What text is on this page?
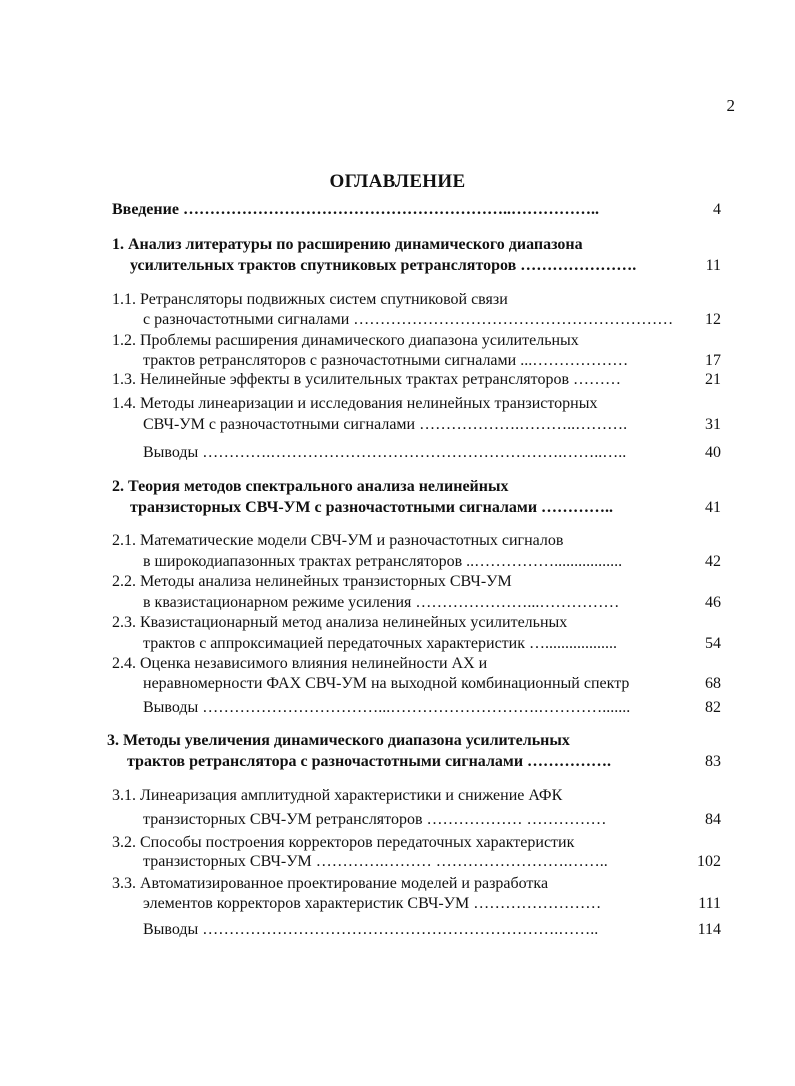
2
ОГЛАВЛЕНИЕ
Введение ……………………………………………………..……………..	4
1. Анализ литературы по расширению динамического диапазона
усилительных трактов спутниковых ретрансляторов ………………….	11
1.1. Ретрансляторы подвижных систем спутниковой связи
с разночастотными сигналами ……………………………………………………	12
1.2. Проблемы расширения динамического диапазона усилительных
трактов ретрансляторов с разночастотными сигналами ...………………	17
1.3. Нелинейные эффекты в усилительных трактах ретрансляторов ………	21
1.4. Методы линеаризации и исследования нелинейных транзисторных
СВЧ-УМ с разночастотными сигналами ……………….………..……….	31
Выводы ………….……………………………………………….……..…..	40
2. Теория методов спектрального анализа нелинейных
транзисторных СВЧ-УМ с разночастотными сигналами …………..	41
2.1. Математические модели СВЧ-УМ и разночастотных сигналов
в широкодиапазонных трактах ретрансляторов ..…………….................	42
2.2. Методы анализа нелинейных транзисторных СВЧ-УМ
в квазистационарном режиме усиления …………………...……………	46
2.3. Квазистационарный метод анализа нелинейных усилительных
трактов с аппроксимацией передаточных характеристик …..................	54
2.4. Оценка независимого влияния нелинейности АХ и
неравномерности ФАХ СВЧ-УМ на выходной комбинационный спектр	68
Выводы ……………………………...……………………….………….......	82
3. Методы увеличения динамического диапазона усилительных
трактов ретранслятора с разночастотными сигналами …………….	83
3.1. Линеаризация амплитудной характеристики и снижение АФК
транзисторных СВЧ-УМ ретрансляторов ……………… ……………	84
3.2. Способы построения корректоров передаточных характеристик
транзисторных СВЧ-УМ ………….……… …………………….……..	102
3.3. Автоматизированное проектирование моделей и разработка
элементов корректоров характеристик СВЧ-УМ ……………………	111
Выводы ………………………………………………………….……..	114
